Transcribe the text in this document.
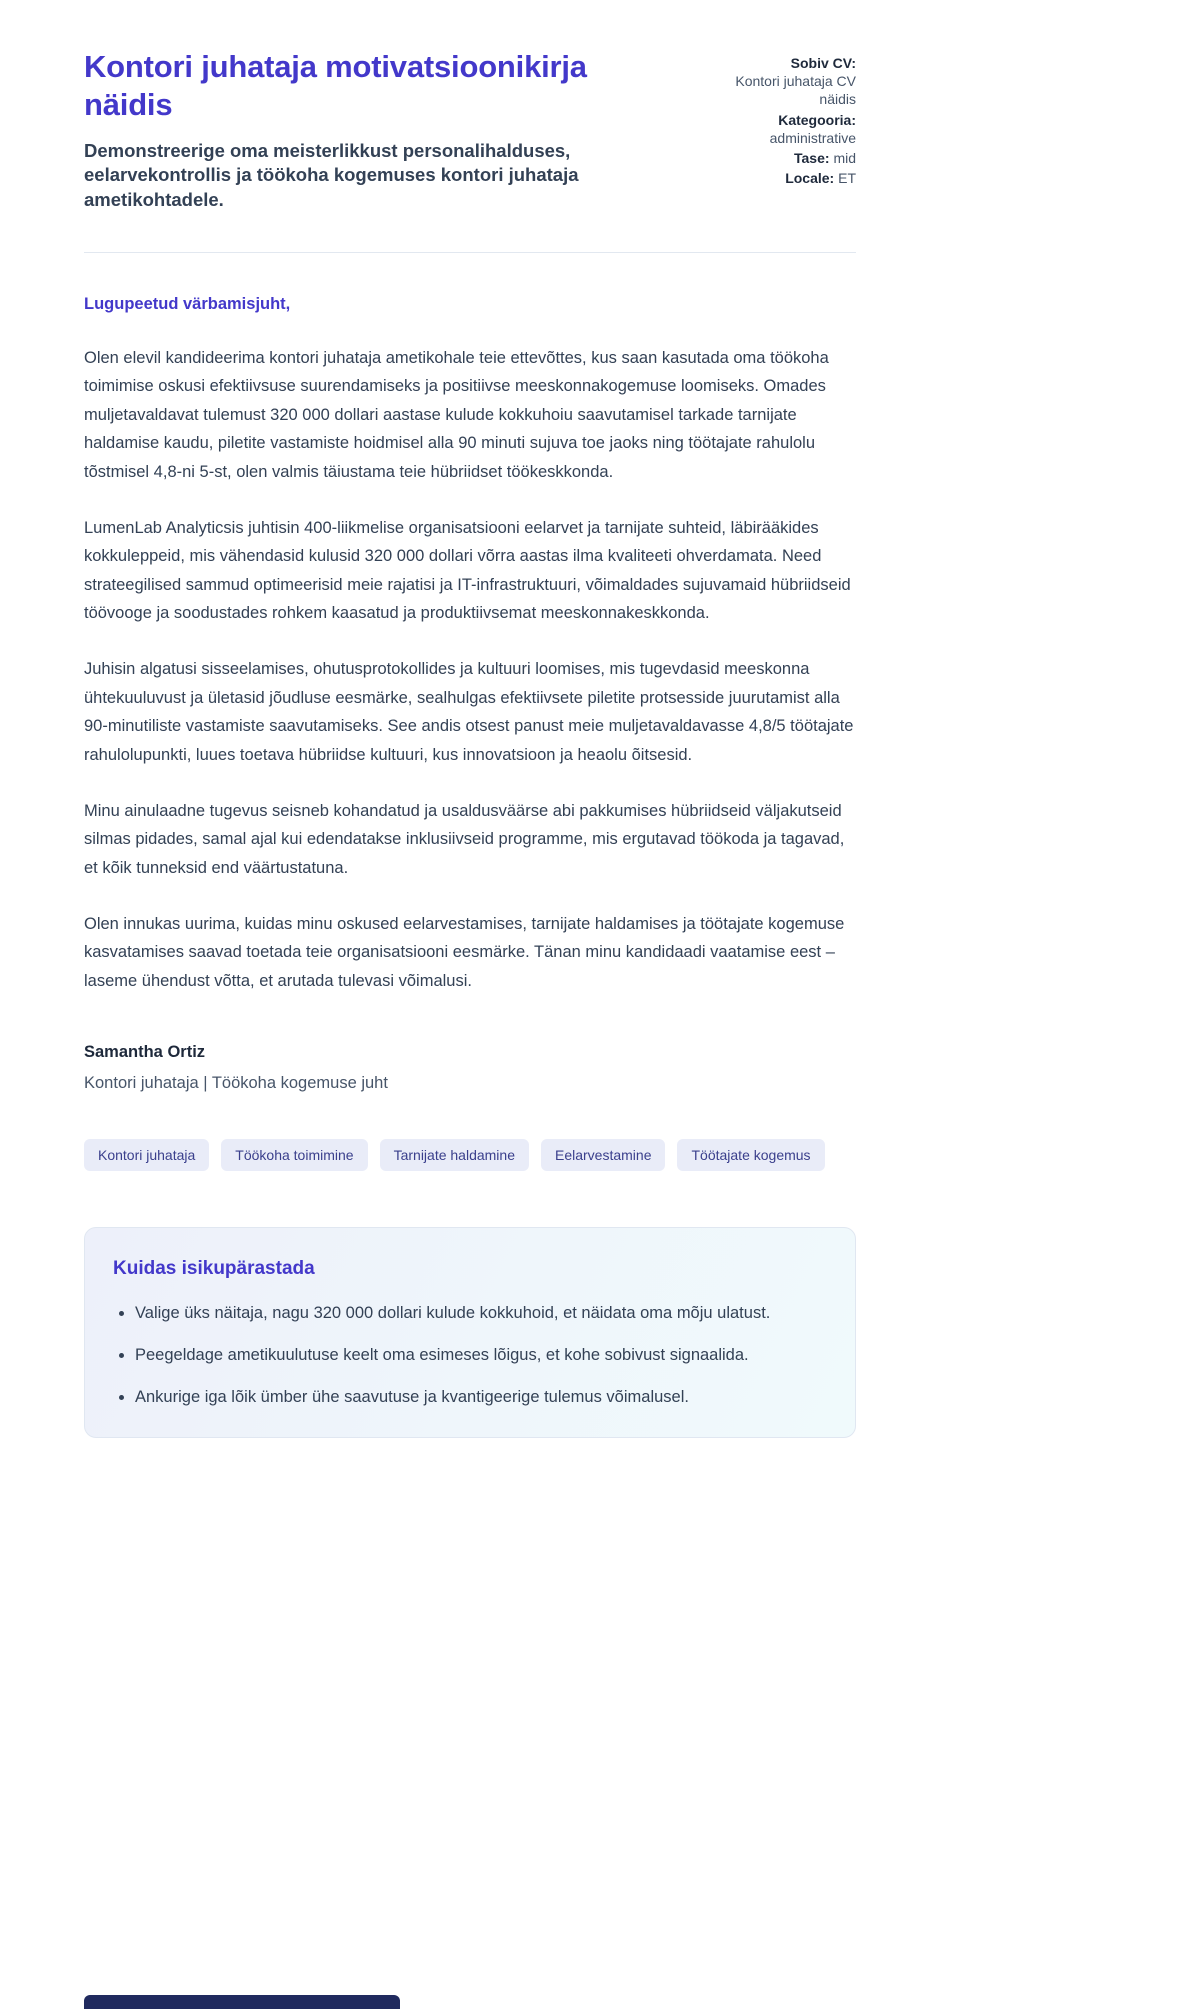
Kontori juhataja motivatsioonikirja näidis

Demonstreerige oma meisterlikkust personalihalduses, eelarvekontrollis ja töökoha kogemuses kontori juhataja ametikohtadele.

Sobiv CV:
Kontori juhataja CV näidis
Kategooria:
administrative
Tase: mid
Locale: ET

Lugupeetud värbamisjuht,

Olen elevil kandideerima kontori juhataja ametikohale teie ettevõttes, kus saan kasutada oma töökoha toimimise oskusi efektiivsuse suurendamiseks ja positiivse meeskonnakogemuse loomiseks. Omades muljetavaldavat tulemust 320 000 dollari aastase kulude kokkuhoiu saavutamisel tarkade tarnijate haldamise kaudu, piletite vastamiste hoidmisel alla 90 minuti sujuva toe jaoks ning töötajate rahulolu tõstmisel 4,8-ni 5-st, olen valmis täiustama teie hübriidset töökeskkonda.

LumenLab Analyticsis juhtisin 400-liikmelise organisatsiooni eelarvet ja tarnijate suhteid, läbirääkides kokkuleppeid, mis vähendasid kulusid 320 000 dollari võrra aastas ilma kvaliteeti ohverdamata. Need strateegilised sammud optimeerisid meie rajatisi ja IT-infrastruktuuri, võimaldades sujuvamaid hübriidseid töövooge ja soodustades rohkem kaasatud ja produktiivsemat meeskonnakeskkonda.

Juhisin algatusi sisseelamises, ohutusprotokollides ja kultuuri loomises, mis tugevdasid meeskonna ühtekuuluvust ja ületasid jõudluse eesmärke, sealhulgas efektiivsete piletite protsesside juurutamist alla 90-minutiliste vastamiste saavutamiseks. See andis otsest panust meie muljetavaldavasse 4,8/5 töötajate rahulolupunkti, luues toetava hübriidse kultuuri, kus innovatsioon ja heaolu õitsesid.

Minu ainulaadne tugevus seisneb kohandatud ja usaldusväärse abi pakkumises hübriidseid väljakutseid silmas pidades, samal ajal kui edendatakse inklusiivseid programme, mis ergutavad töökoda ja tagavad, et kõik tunneksid end väärtustatuna.

Olen innukas uurima, kuidas minu oskused eelarvestamises, tarnijate haldamises ja töötajate kogemuse kasvatamises saavad toetada teie organisatsiooni eesmärke. Tänan minu kandidaadi vaatamise eest – laseme ühendust võtta, et arutada tulevasi võimalusi.

Samantha Ortiz

Kontori juhataja | Töökoha kogemuse juht

Kontori juhataja	Töökoha toimimine	Tarnijate haldamine	Eelarvestamine	Töötajate kogemus
Kuidas isikupärastada
• Valige üks näitaja, nagu 320 000 dollari kulude kokkuhoid, et näidata oma mõju ulatust.
• Peegeldage ametikuulutuse keelt oma esimeses lõigus, et kohe sobivust signaalida.
• Ankurige iga lõik ümber ühe saavutuse ja kvantigeerige tulemus võimalusel.
